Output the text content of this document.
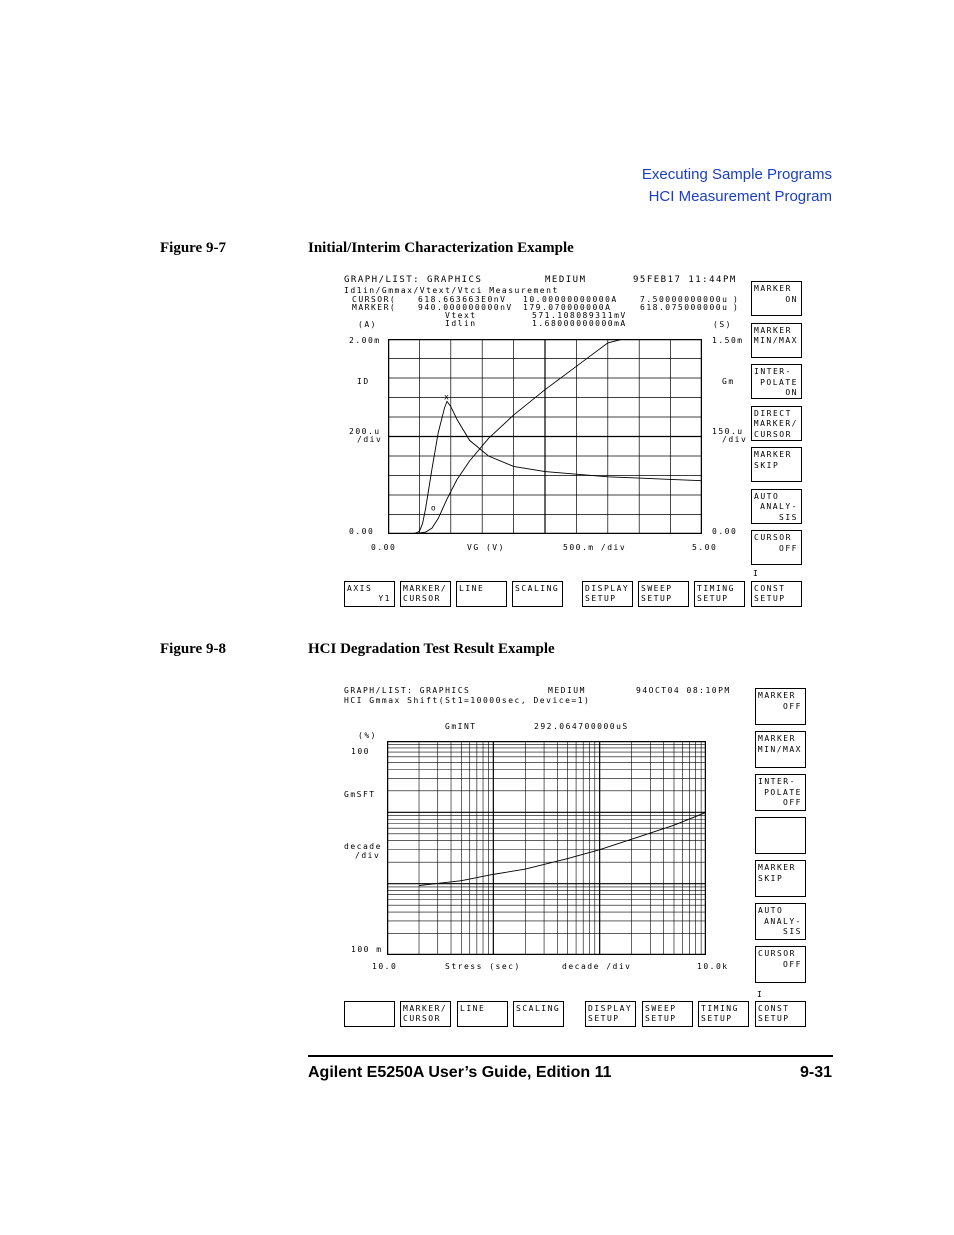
Executing Sample Programs
HCI Measurement Program
Figure 9-7	Initial/Interim Characterization Example
GRAPH/LIST: GRAPHICS	MEDIUM	95FEB17 11:44PM
Id1in/Gmmax/Vtext/Vtci Measurement
CURSOR(	618.663663E0nV 10.00000000000A	7.50000000000u )
MARKER(	940.000000000nV 179.070000000A	618.075000000u )
Vtext	571.108089311mV
Idlin	1.68000000000mA
(A)	(S)
2.00m
ID
200.u
/div
0.00
1.50m
Gm
150.u
/div
0.00
0.00	VG (V)	500.m /div	5.00
x
o
I
Figure 9-8	HCI Degradation Test Result Example
GRAPH/LIST: GRAPHICS	MEDIUM	94OCT04 08:10PM
HCI Gmmax Shift(St1=10000sec, Device=1)
GmINT	292.064700000uS
(%)
100
GmSFT
decade
/div
100 m
10.0	Stress (sec)	decade /div	10.0k
I
MARKER
ON
MARKER
MIN/MAX
INTER-
POLATE
ON
DIRECT
MARKER/
CURSOR
MARKER
SKIP
AUTO
ANALY-
SIS
CURSOR
OFF
AXIS
Y1
MARKER/
CURSOR
LINE	SCALING	DISPLAY
SETUP
SWEEP
SETUP
TIMING
SETUP
CONST
SETUP
MARKER
OFF
MARKER
MIN/MAX
INTER-
POLATE
OFF
MARKER
SKIP
AUTO
ANALY-
SIS
CURSOR
OFF
MARKER/
CURSOR
LINE	SCALING	DISPLAY
SETUP
SWEEP
SETUP
TIMING
SETUP
CONST
SETUP
Agilent E5250A User’s Guide, Edition 11	9-31
